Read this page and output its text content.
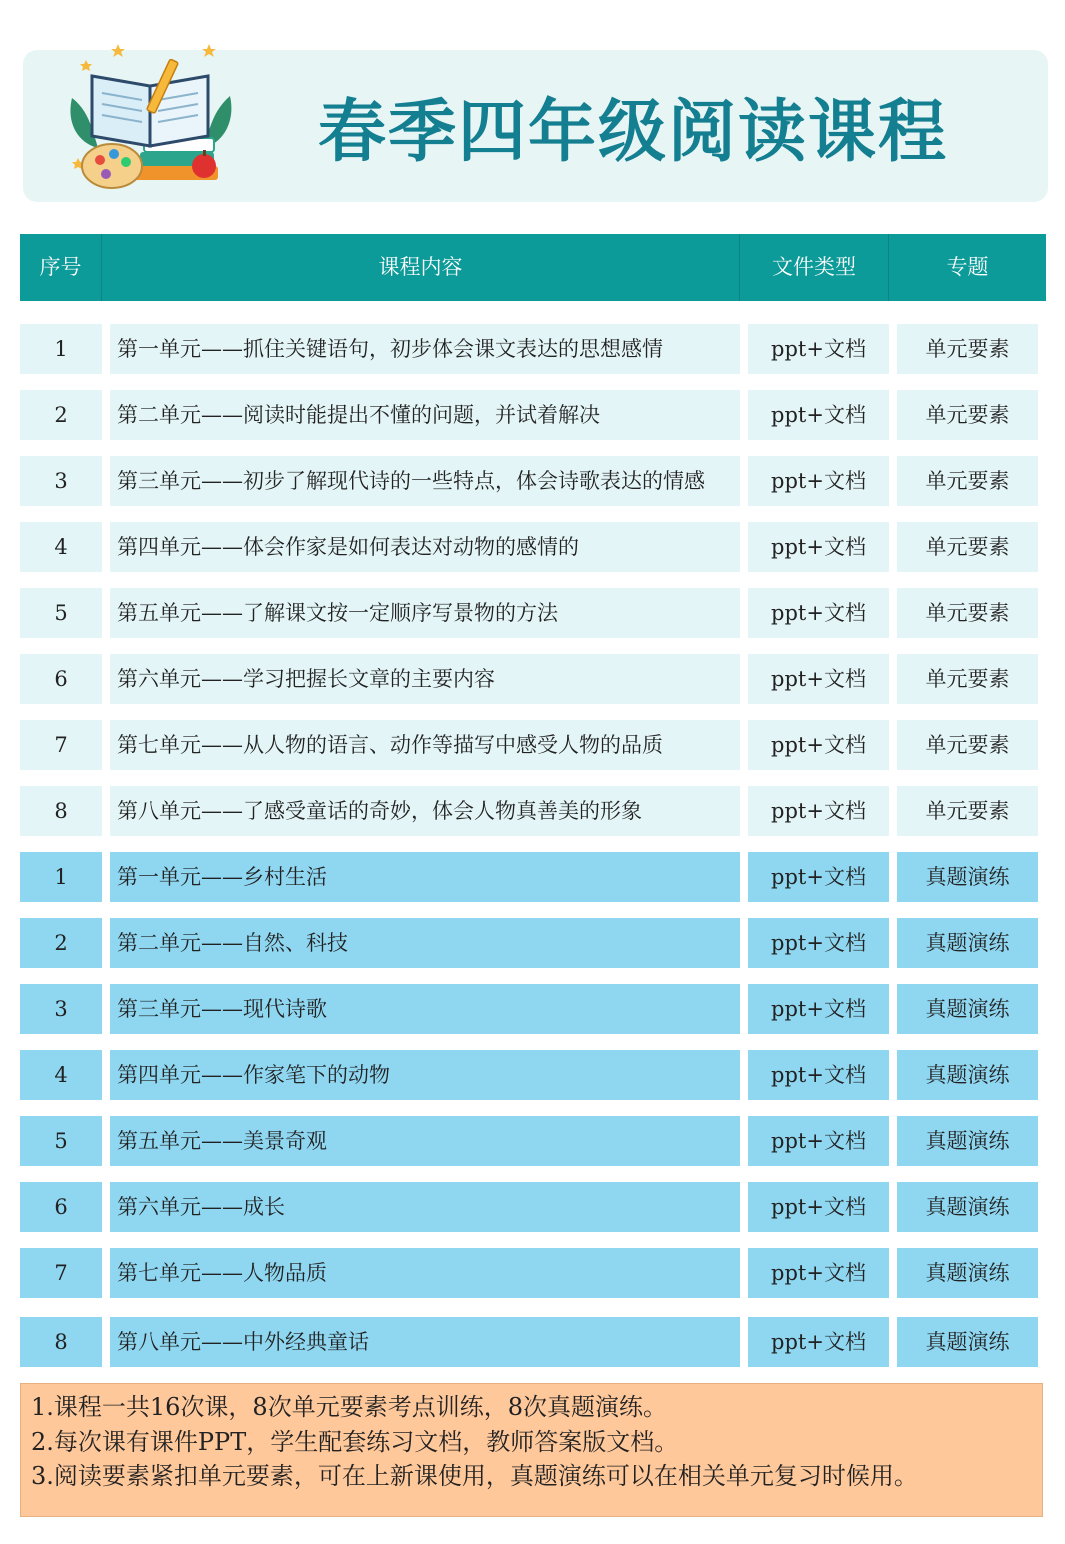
春季四年级阅读课程
序号	课程内容	文件类型	专题
1	第一单元——抓住关键语句，初步体会课文表达的思想感情	ppt+文档	单元要素
2	第二单元——阅读时能提出不懂的问题，并试着解决	ppt+文档	单元要素
3	第三单元——初步了解现代诗的一些特点，体会诗歌表达的情感	ppt+文档	单元要素
4	第四单元——体会作家是如何表达对动物的感情的	ppt+文档	单元要素
5	第五单元——了解课文按一定顺序写景物的方法	ppt+文档	单元要素
6	第六单元——学习把握长文章的主要内容	ppt+文档	单元要素
7	第七单元——从人物的语言、动作等描写中感受人物的品质	ppt+文档	单元要素
8	第八单元——了感受童话的奇妙，体会人物真善美的形象	ppt+文档	单元要素
1	第一单元——乡村生活	ppt+文档	真题演练
2	第二单元——自然、科技	ppt+文档	真题演练
3	第三单元——现代诗歌	ppt+文档	真题演练
4	第四单元——作家笔下的动物	ppt+文档	真题演练
5	第五单元——美景奇观	ppt+文档	真题演练
6	第六单元——成长	ppt+文档	真题演练
7	第七单元——人物品质	ppt+文档	真题演练
8	第八单元——中外经典童话	ppt+文档	真题演练
1.课程一共16次课，8次单元要素考点训练，8次真题演练。
2.每次课有课件PPT，学生配套练习文档，教师答案版文档。
3.阅读要素紧扣单元要素，可在上新课使用，真题演练可以在相关单元复习时候用。
